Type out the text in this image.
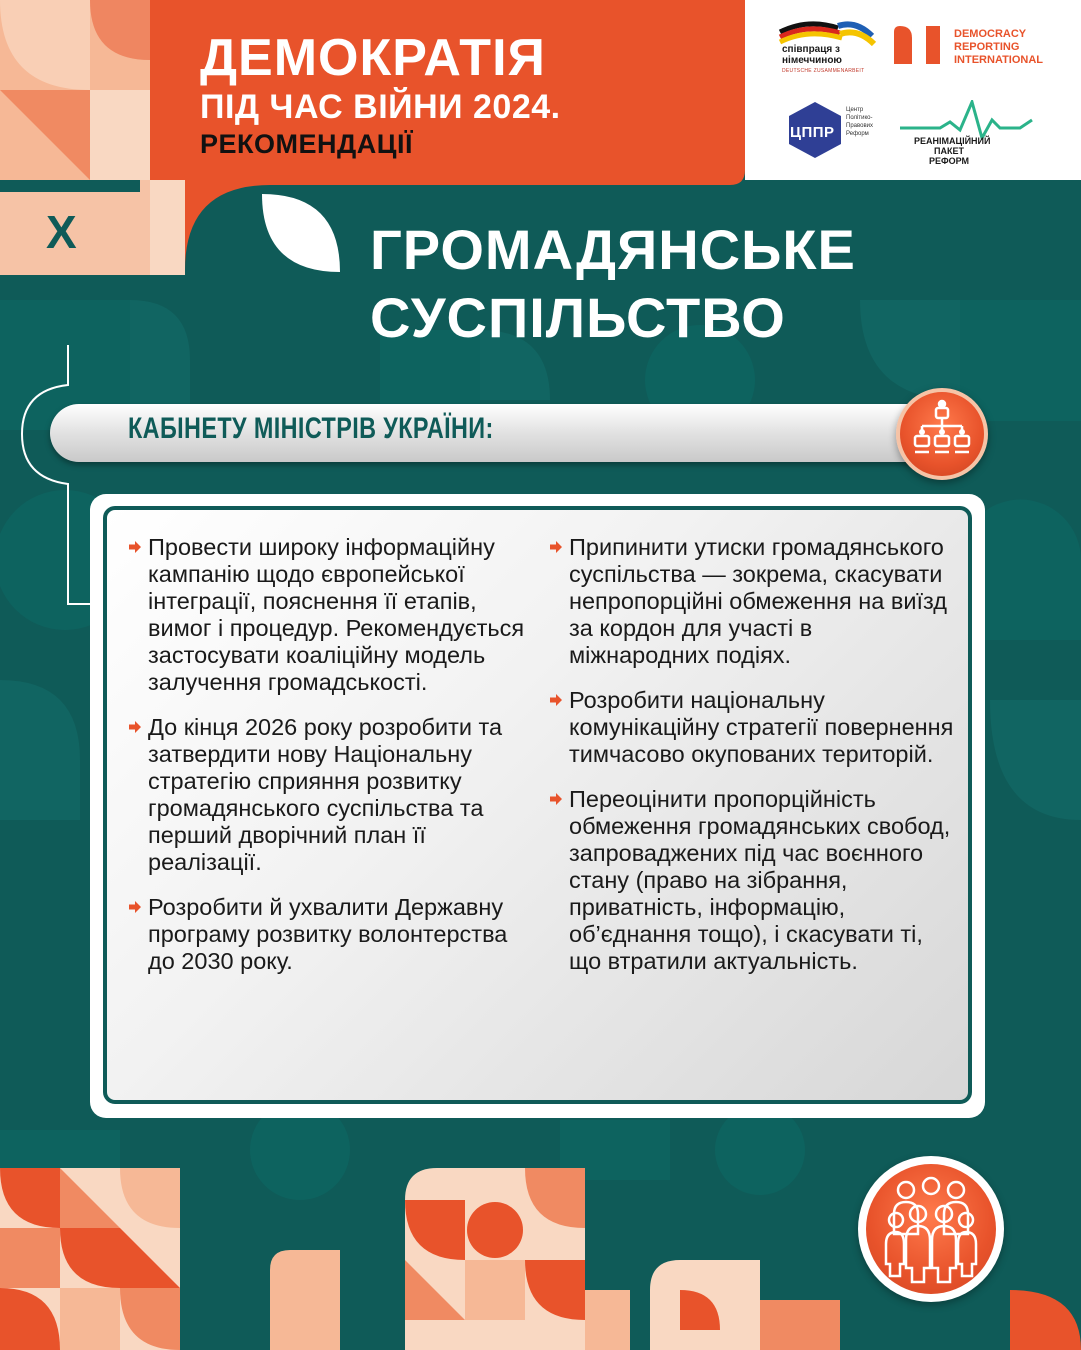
ДЕМОКРАТІЯ
ПІД ЧАС ВІЙНИ 2024.
РЕКОМЕНДАЦІЇ
співпраця з
німеччиною
DEUTSCHE ZUSAMMENARBEIT
DEMOCRACY
REPORTING
INTERNATIONAL
ЦППР
Центр
Політико-
Правових
Реформ
РЕАНІМАЦІЙНИЙ
ПАКЕТ РЕФОРМ
X	ГРОМАДЯНСЬКЕ
СУСПІЛЬСТВО
КАБІНЕТУ МІНІСТРІВ УКРАЇНИ:
Провести широку інформаційну кампанію щодо європейської інтеграції, пояснення її етапів, вимог і процедур. Рекомендується застосувати коаліційну модель залучення громадськості.
До кінця 2026 року розробити та затвердити нову Національну стратегію сприяння розвитку громадянського суспільства та перший дворічний план її реалізації.
Розробити й ухвалити Державну програму розвитку волонтерства до 2030 року.
Припинити утиски громадянського суспільства — зокрема, скасувати непропорційні обмеження на виїзд за кордон для участі в міжнародних подіях.
Розробити національну комунікаційну стратегії повернення тимчасово окупованих територій.
Переоцінити пропорційність обмеження громадянських свобод, запроваджених під час воєнного стану (право на зібрання, приватність, інформацію, об’єднання тощо), і скасувати ті, що втратили актуальність.
